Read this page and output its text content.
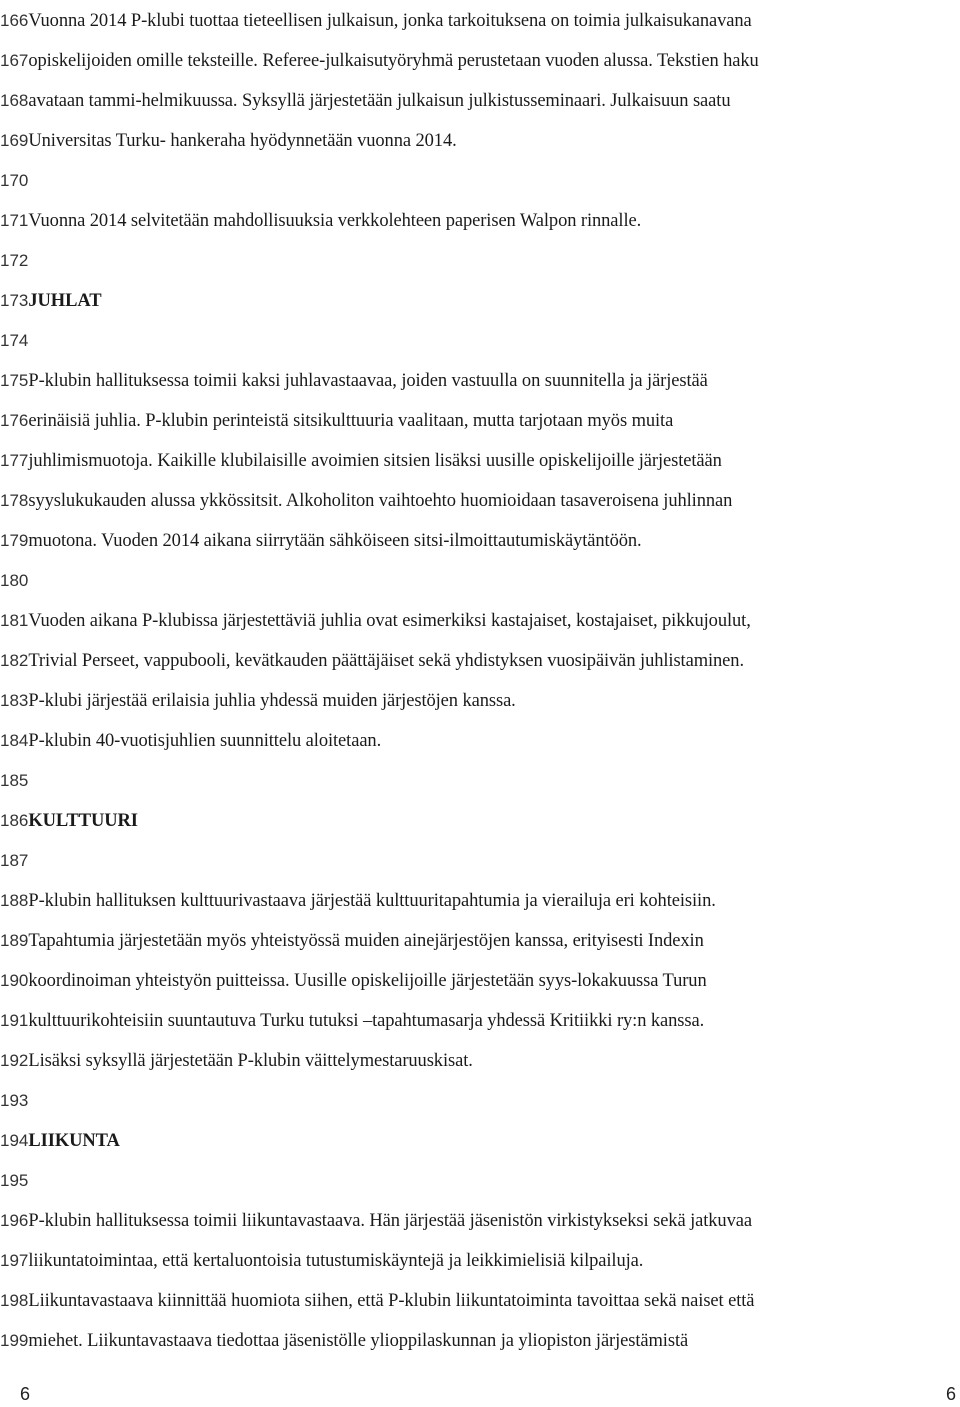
166Vuonna 2014 P-klubi tuottaa tieteellisen julkaisun, jonka tarkoituksena on toimia julkaisukanavana
167opiskelijoiden omille teksteille. Referee-julkaisutyöryhmä perustetaan vuoden alussa. Tekstien haku
168avataan tammi-helmikuussa. Syksyllä järjestetään julkaisun julkistusseminaari. Julkaisuun saatu
169Universitas Turku- hankeraha hyödynnetään vuonna 2014.
170
171Vuonna 2014 selvitetään mahdollisuuksia verkkolehteen paperisen Walpon rinnalle.
172
173JUHLAT
174
175P-klubin hallituksessa toimii kaksi juhlavastaavaa, joiden vastuulla on suunnitella ja järjestää
176erinäisiä juhlia. P-klubin perinteistä sitsikulttuuria vaalitaan, mutta tarjotaan myös muita
177juhlimismuotoja. Kaikille klubilaisille avoimien sitsien lisäksi uusille opiskelijoille järjestetään
178syyslukukauden alussa ykkössitsit. Alkoholiton vaihtoehto huomioidaan tasaveroisena juhlinnan
179muotona. Vuoden 2014 aikana siirrytään sähköiseen sitsi-ilmoittautumiskäytäntöön.
180
181Vuoden aikana P-klubissa järjestettäviä juhlia ovat esimerkiksi kastajaiset, kostajaiset, pikkujoulut,
182Trivial Perseet, vappubooli, kevätkauden päättäjäiset sekä yhdistyksen vuosipäivän juhlistaminen.
183P-klubi järjestää erilaisia juhlia yhdessä muiden järjestöjen kanssa.
184P-klubin 40-vuotisjuhlien suunnittelu aloitetaan.
185
186KULTTUURI
187
188P-klubin hallituksen kulttuurivastaava järjestää kulttuuritapahtumia ja vierailuja eri kohteisiin.
189Tapahtumia järjestetään myös yhteistyössä muiden ainejärjestöjen kanssa, erityisesti Indexin
190koordinoiman yhteistyön puitteissa. Uusille opiskelijoille järjestetään syys-lokakuussa Turun
191kulttuurikohteisiin suuntautuva Turku tutuksi –tapahtumasarja yhdessä Kritiikki ry:n kanssa.
192Lisäksi syksyllä järjestetään P-klubin väittelymestaruuskisat.
193
194LIIKUNTA
195
196P-klubin hallituksessa toimii liikuntavastaava. Hän järjestää jäsenistön virkistykseksi sekä jatkuvaa
197liikuntatoimintaa, että kertaluontoisia tutustumiskäyntejä ja leikkimielisiä kilpailuja.
198Liikuntavastaava kiinnittää huomiota siihen, että P-klubin liikuntatoiminta tavoittaa sekä naiset että
199miehet. Liikuntavastaava tiedottaa jäsenistölle ylioppilaskunnan ja yliopiston järjestämistä
6	6
